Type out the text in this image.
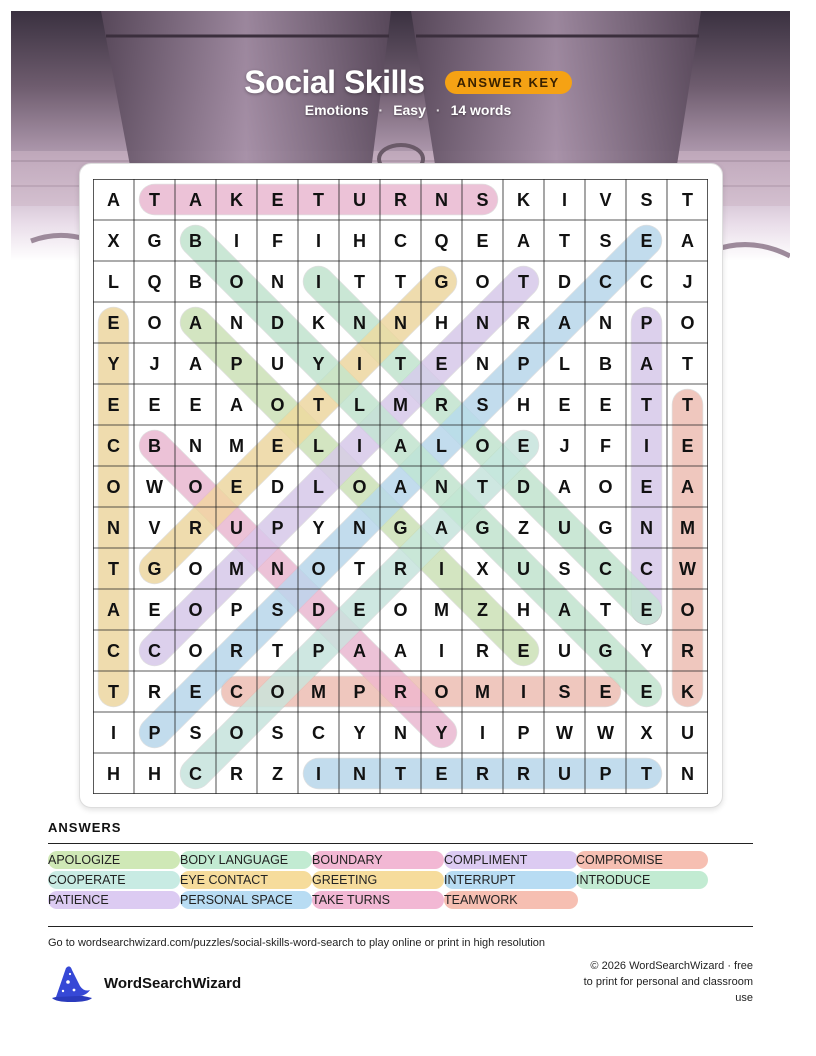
Social Skills	ANSWER KEY
Emotions · Easy · 14 words
A T A K E T U R N S K I V S T
X G B I F I H C Q E A T S E A
L Q B O N I T T G O T D C C J
E O A N D K N N H N R A N P O
Y J A P U Y I T E N P L B A T
E E E A O T L M R S H E E T T
C B N M E L I A L O E J F I E
O W O E D L O A N T D A O E A
N V R U P Y N G A G Z U G N M
T G O M N O T R I X U S C C W
A E O P S D E O M Z H A T E O
C C O R T P A A I R E U G Y R
T R E C O M P R O M I S E E K
I P S O S C Y N Y I P W W X U
H H C R Z I N T E R R U P T N
ANSWERS
APOLOGIZE	BODY LANGUAGE	BOUNDARY	COMPLIMENT	COMPROMISE
COOPERATE	EYE CONTACT	GREETING	INTERRUPT	INTRODUCE
PATIENCE	PERSONAL SPACE	TAKE TURNS	TEAMWORK
Go to wordsearchwizard.com/puzzles/social-skills-word-search to play online or print in high resolution
WordSearchWizard
© 2026 WordSearchWizard · free to print for personal and classroom use
